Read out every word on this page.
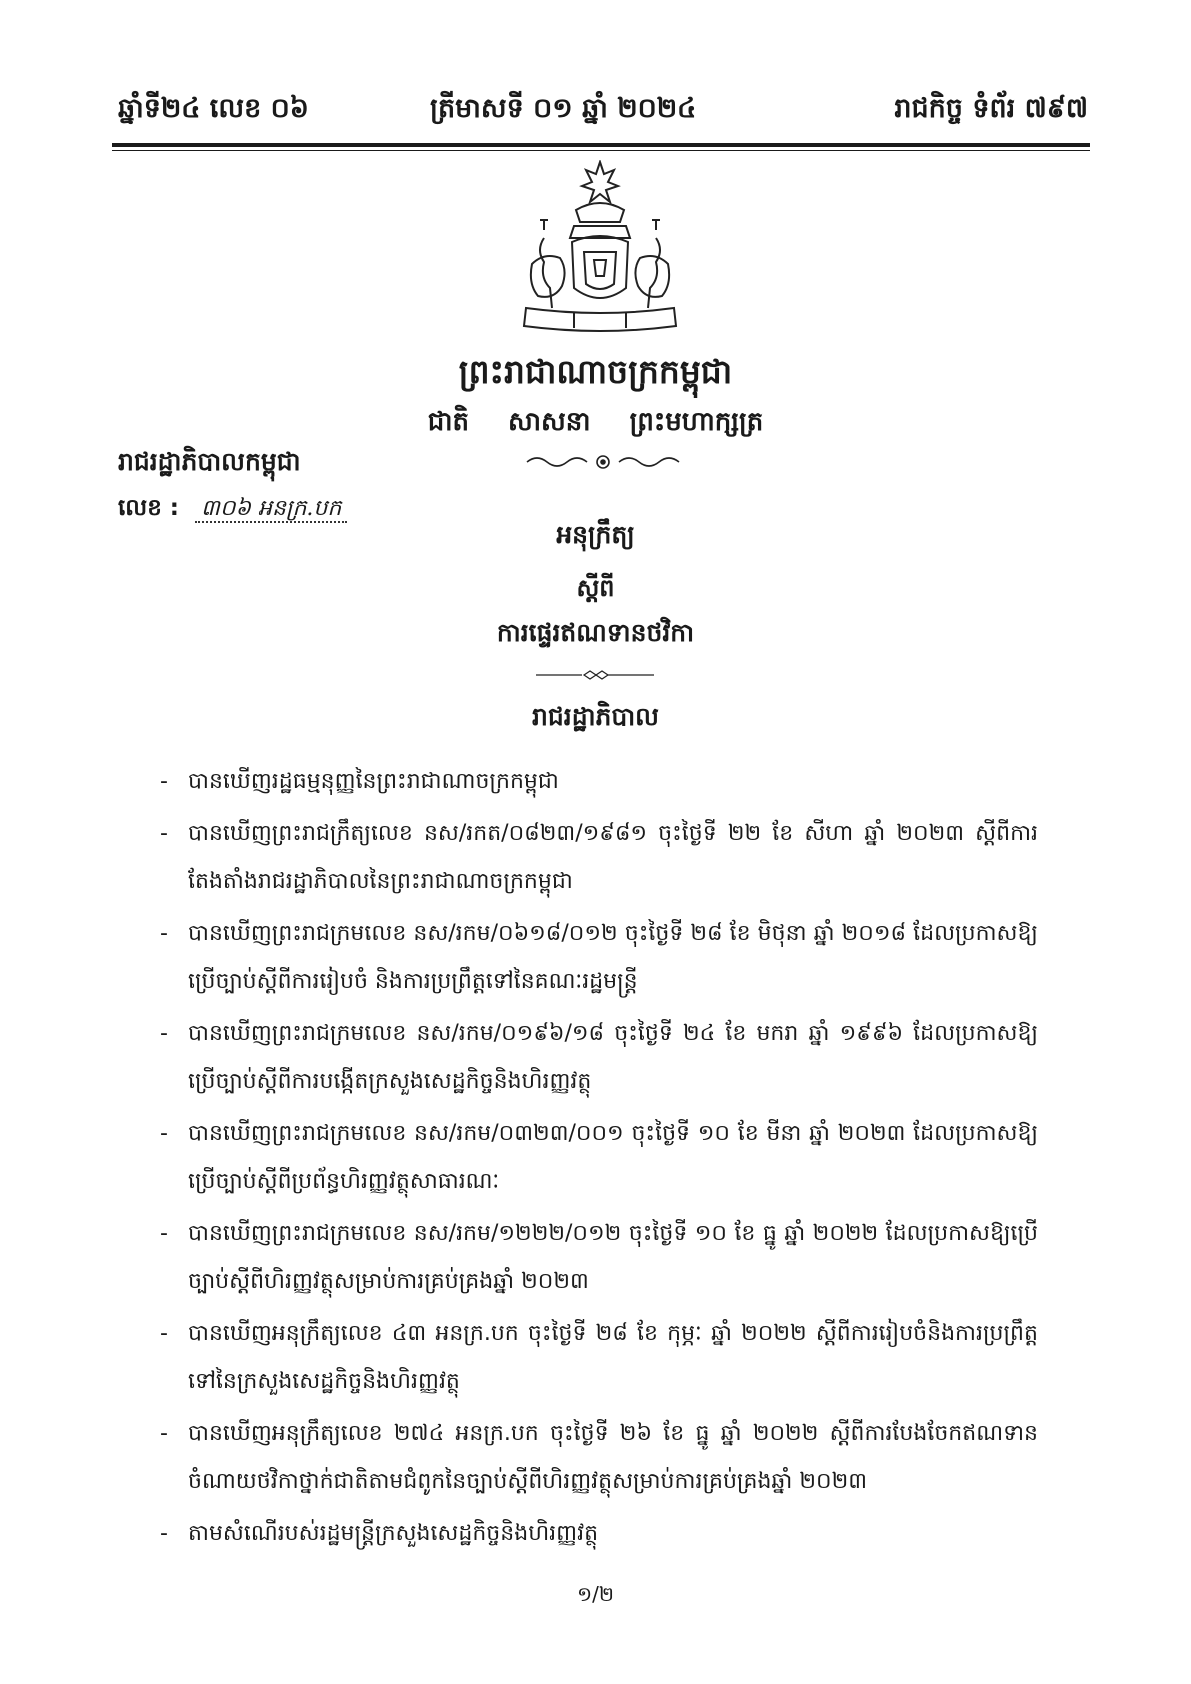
ឆ្នាំទី២៤ លេខ ០៦	ត្រីមាសទី ០១ ឆ្នាំ ២០២៤	រាជកិច្ច ទំព័រ ៧៩៧
ព្រះរាជាណាចក្រកម្ពុជា
ជាតិ សាសនា ព្រះមហាក្សត្រ
រាជរដ្ឋាភិបាលកម្ពុជា
លេខ : ៣០៦ អនក្រ.បក
អនុក្រឹត្យ
ស្តីពី
ការផ្ទេរឥណទានថវិកា
រាជរដ្ឋាភិបាល
- បានឃើញរដ្ឋធម្មនុញ្ញនៃព្រះរាជាណាចក្រកម្ពុជា
- បានឃើញព្រះរាជក្រឹត្យលេខ នស/រកត/០៨២៣/១៩៨១ ចុះថ្ងៃទី ២២ ខែ សីហា ឆ្នាំ ២០២៣ ស្តីពីការតែងតាំងរាជរដ្ឋាភិបាលនៃព្រះរាជាណាចក្រកម្ពុជា
- បានឃើញព្រះរាជក្រមលេខ នស/រកម/០៦១៨/០១២ ចុះថ្ងៃទី ២៨ ខែ មិថុនា ឆ្នាំ ២០១៨ ដែលប្រកាសឱ្យប្រើច្បាប់ស្តីពីការរៀបចំ និងការប្រព្រឹត្តទៅនៃគណៈរដ្ឋមន្ត្រី
- បានឃើញព្រះរាជក្រមលេខ នស/រកម/០១៩៦/១៨ ចុះថ្ងៃទី ២៤ ខែ មករា ឆ្នាំ ១៩៩៦ ដែលប្រកាសឱ្យប្រើច្បាប់ស្តីពីការបង្កើតក្រសួងសេដ្ឋកិច្ចនិងហិរញ្ញវត្ថុ
- បានឃើញព្រះរាជក្រមលេខ នស/រកម/០៣២៣/០០១ ចុះថ្ងៃទី ១០ ខែ មីនា ឆ្នាំ ២០២៣ ដែលប្រកាសឱ្យប្រើច្បាប់ស្តីពីប្រព័ន្ធហិរញ្ញវត្ថុសាធារណៈ
- បានឃើញព្រះរាជក្រមលេខ នស/រកម/១២២២/០១២ ចុះថ្ងៃទី ១០ ខែ ធ្នូ ឆ្នាំ ២០២២ ដែលប្រកាសឱ្យប្រើច្បាប់ស្តីពីហិរញ្ញវត្ថុសម្រាប់ការគ្រប់គ្រងឆ្នាំ ២០២៣
- បានឃើញអនុក្រឹត្យលេខ ៤៣ អនក្រ.បក ចុះថ្ងៃទី ២៨ ខែ កុម្ភៈ ឆ្នាំ ២០២២ ស្តីពីការរៀបចំនិងការប្រព្រឹត្តទៅនៃក្រសួងសេដ្ឋកិច្ចនិងហិរញ្ញវត្ថុ
- បានឃើញអនុក្រឹត្យលេខ ២៧៤ អនក្រ.បក ចុះថ្ងៃទី ២៦ ខែ ធ្នូ ឆ្នាំ ២០២២ ស្តីពីការបែងចែកឥណទានចំណាយថវិកាថ្នាក់ជាតិតាមជំពូកនៃច្បាប់ស្តីពីហិរញ្ញវត្ថុសម្រាប់ការគ្រប់គ្រងឆ្នាំ ២០២៣
- តាមសំណើរបស់រដ្ឋមន្ត្រីក្រសួងសេដ្ឋកិច្ចនិងហិរញ្ញវត្ថុ
១/២
